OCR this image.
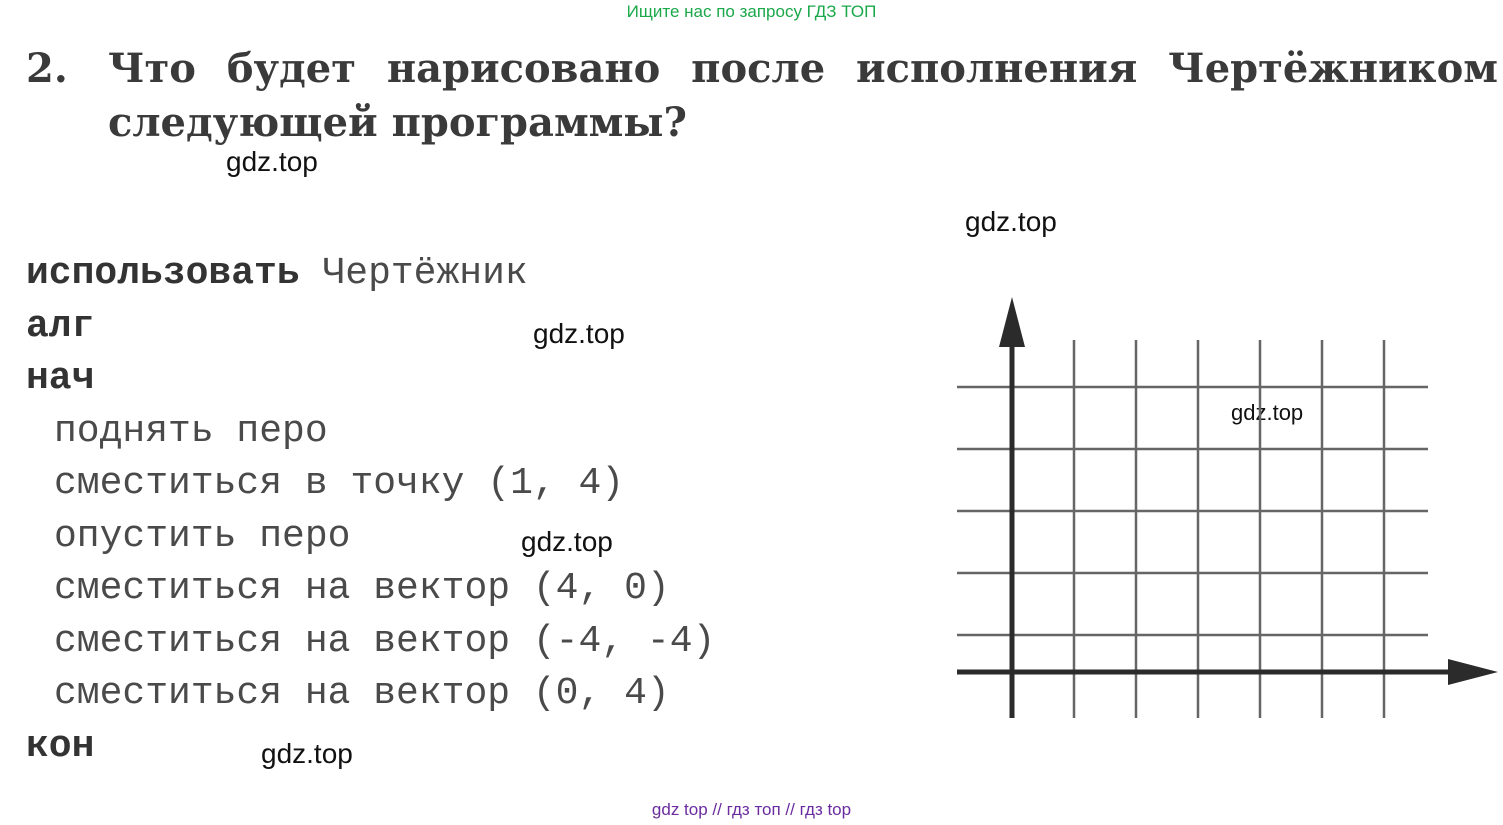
Ищите нас по запросу ГДЗ ТОП
2. Что будет нарисовано после исполнения Чертёжником
следующей программы?
gdz.top
gdz.top
gdz.top
gdz.top
gdz.top
gdz.top
использовать Чертёжник
алг
нач
поднять перо
сместиться в точку (1, 4)
опустить перо
сместиться на вектор (4, 0)
сместиться на вектор (-4, -4)
сместиться на вектор (0, 4)
кон
gdz top // гдз топ // гдз top
